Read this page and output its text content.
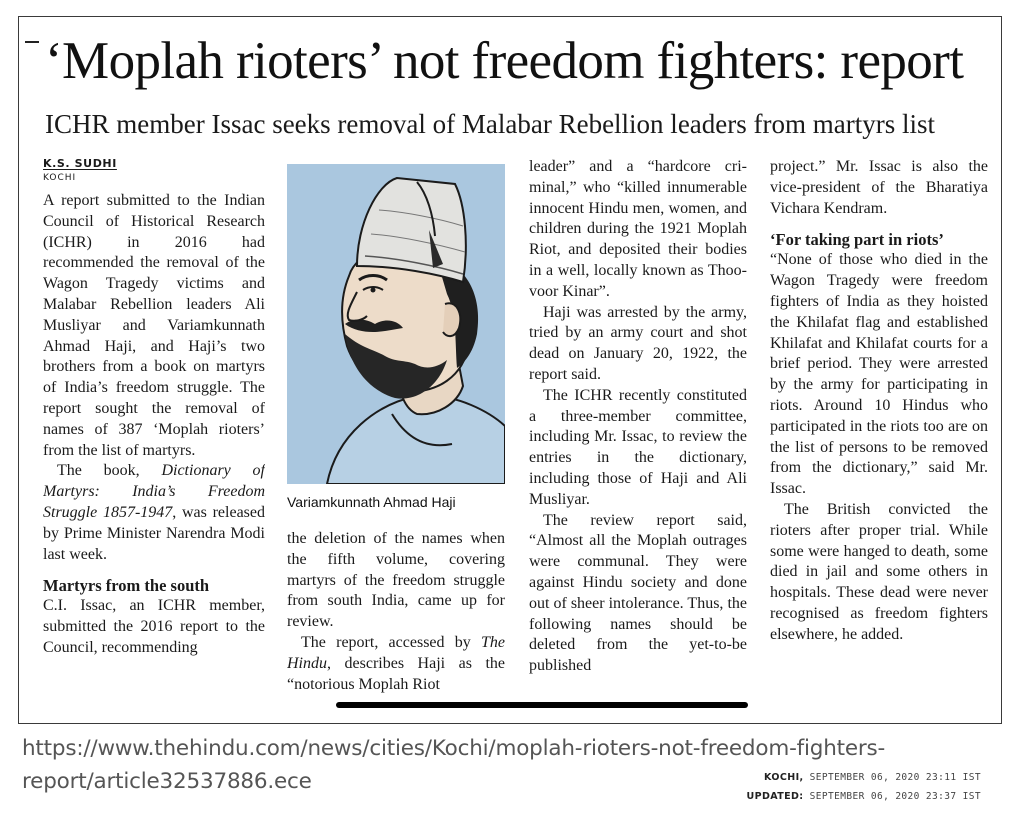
‘Moplah rioters’ not freedom fighters: report
ICHR member Issac seeks removal of Malabar Rebellion leaders from martyrs list

K.S. SUDHI

KOCHI

A report submitted to the Indian Council of Historical Research (ICHR) in 2016 had recommended the removal of the Wagon Tragedy victims and Malabar Rebellion leaders Ali Musliyar and Variamkunnath Ahmad Haji, and Haji’s two brothers from a book on martyrs of India’s freedom struggle. The report sought the removal of names of 387 ‘Moplah rioters’ from the list of martyrs.

The book, Dictionary of Martyrs: India’s Freedom Struggle 1857-1947, was released by Prime Minister Narendra Modi last week.

Martyrs from the south

C.I. Issac, an ICHR member, submitted the 2016 report to the Council, recommending

Variamkunnath Ahmad Haji

the deletion of the names when the fifth volume, covering martyrs of the freedom struggle from south India, came up for review.

The report, accessed by The Hindu, describes Haji as the “notorious Moplah Riot

leader” and a “hardcore criminal,” who “killed innumerable innocent Hindu men, women, and children during the 1921 Moplah Riot, and deposited their bodies in a well, locally known as Thoovoor Kinar”.

Haji was arrested by the army, tried by an army court and shot dead on January 20, 1922, the report said.

The ICHR recently constituted a three-member committee, including Mr. Issac, to review the entries in the dictionary, including those of Haji and Ali Musliyar.

The review report said, “Almost all the Moplah outrages were communal. They were against Hindu society and done out of sheer intolerance. Thus, the following names should be deleted from the yet-to-be published

project.” Mr. Issac is also the vice-president of the Bharatiya Vichara Kendram.

‘For taking part in riots’

“None of those who died in the Wagon Tragedy were freedom fighters of India as they hoisted the Khilafat flag and established Khilafat and Khilafat courts for a brief period. They were arrested by the army for participating in riots. Around 10 Hindus who participated in the riots too are on the list of persons to be removed from the dictionary,” said Mr. Issac.

The British convicted the rioters after proper trial. While some were hanged to death, some died in jail and some others in hospitals. These dead were never recognised as freedom fighters elsewhere, he added.

https://www.thehindu.com/news/cities/Kochi/moplah-rioters-not-freedom-fighters-report/article32537886.ece	KOCHI, SEPTEMBER 06, 2020 23:11 IST

UPDATED: SEPTEMBER 06, 2020 23:37 IST
